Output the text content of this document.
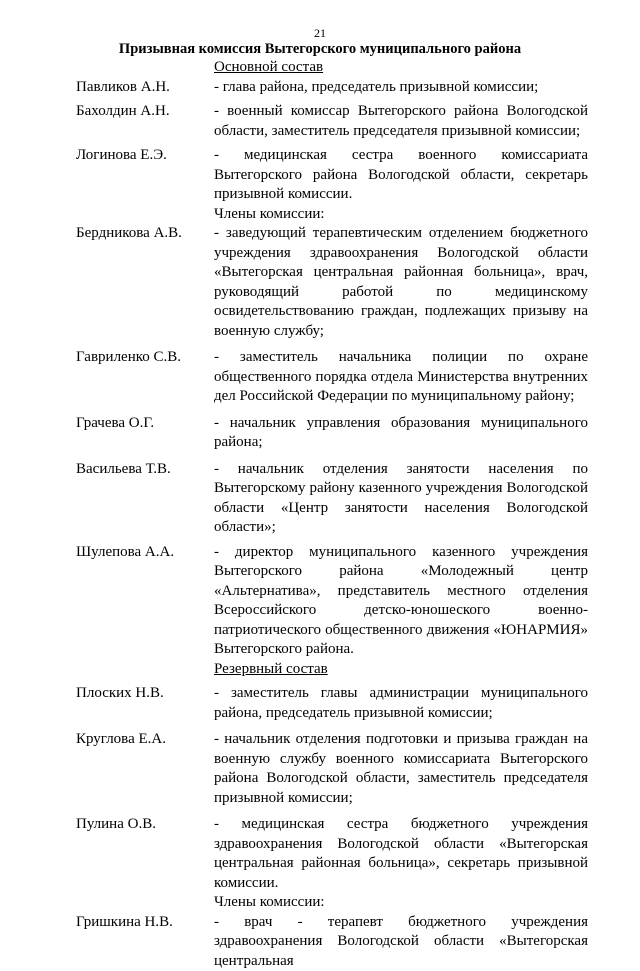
21
Призывная комиссия Вытегорского муниципального района
Основной состав
Павликов А.Н.	- глава района, председатель призывной комиссии;
Бахолдин А.Н.	- военный комиссар Вытегорского района Вологодской области, заместитель председателя призывной комиссии;
Логинова Е.Э.	- медицинская сестра военного комиссариата Вытегорского района Вологодской области, секретарь призывной комиссии.
Члены комиссии:
Бердникова А.В.	- заведующий терапевтическим отделением бюджетного учреждения здравоохранения Вологодской области «Вытегорская центральная районная больница», врач, руководящий работой по медицинскому освидетельствованию граждан, подлежащих призыву на военную службу;
Гавриленко С.В.	- заместитель начальника полиции по охране общественного порядка отдела Министерства внутренних дел Российской Федерации по муниципальному району;
Грачева О.Г.	- начальник управления образования муниципального района;
Васильева Т.В.	- начальник отделения занятости населения по Вытегорскому району казенного учреждения Вологодской области «Центр занятости населения Вологодской области»;
Шулепова А.А.	- директор муниципального казенного учреждения Вытегорского района «Молодежный центр «Альтернатива», представитель местного отделения Всероссийского детско-юношеского военно-патриотического общественного движения «ЮНАРМИЯ» Вытегорского района.
Резервный состав
Плоских Н.В.	- заместитель главы администрации муниципального района, председатель призывной комиссии;
Круглова Е.А.	- начальник отделения подготовки и призыва граждан на военную службу военного комиссариата Вытегорского района Вологодской области, заместитель председателя призывной комиссии;
Пулина О.В.	- медицинская сестра бюджетного учреждения здравоохранения Вологодской области «Вытегорская центральная районная больница», секретарь призывной комиссии.
Члены комиссии:
Гришкина Н.В.	- врач - терапевт бюджетного учреждения здравоохранения Вологодской области «Вытегорская центральная
